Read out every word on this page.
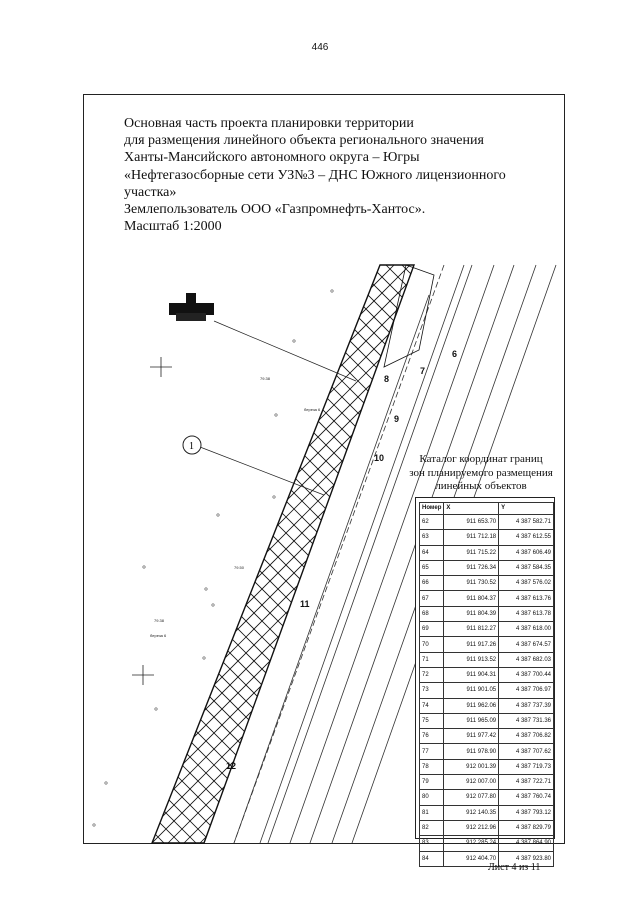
446
Основная часть проекта планировки территории
для размещения линейного объекта регионального значения
Ханты-Мансийского автономного округа – Югры
«Нефтегазосборные сети УЗ№3 – ДНС Южного лицензионного
участка»
Землепользователь ООО «Газпромнефть-Хантос».
Масштаб 1:2000
1
6
7
8
9
10
11
12
береза 6
береза 6
79.38
79.50
79.38
Каталог координат границ
зон планируемого размещения
линейных объектов
Номер	X	Y
62	911 653.70	4 387 582.71
63	911 712.18	4 387 612.55
64	911 715.22	4 387 606.49
65	911 726.34	4 387 584.35
66	911 730.52	4 387 576.02
67	911 804.37	4 387 613.76
68	911 804.39	4 387 613.78
69	911 812.27	4 387 618.00
70	911 917.26	4 387 674.57
71	911 913.52	4 387 682.03
72	911 904.31	4 387 700.44
73	911 901.05	4 387 706.97
74	911 962.06	4 387 737.39
75	911 965.09	4 387 731.36
76	911 977.42	4 387 706.82
77	911 978.90	4 387 707.62
78	912 001.39	4 387 719.73
79	912 007.00	4 387 722.71
80	912 077.80	4 387 760.74
81	912 140.35	4 387 793.12
82	912 212.96	4 387 829.79
83	912 285.24	4 387 864.90
84	912 404.70	4 387 923.80
Лист 4 из 11
